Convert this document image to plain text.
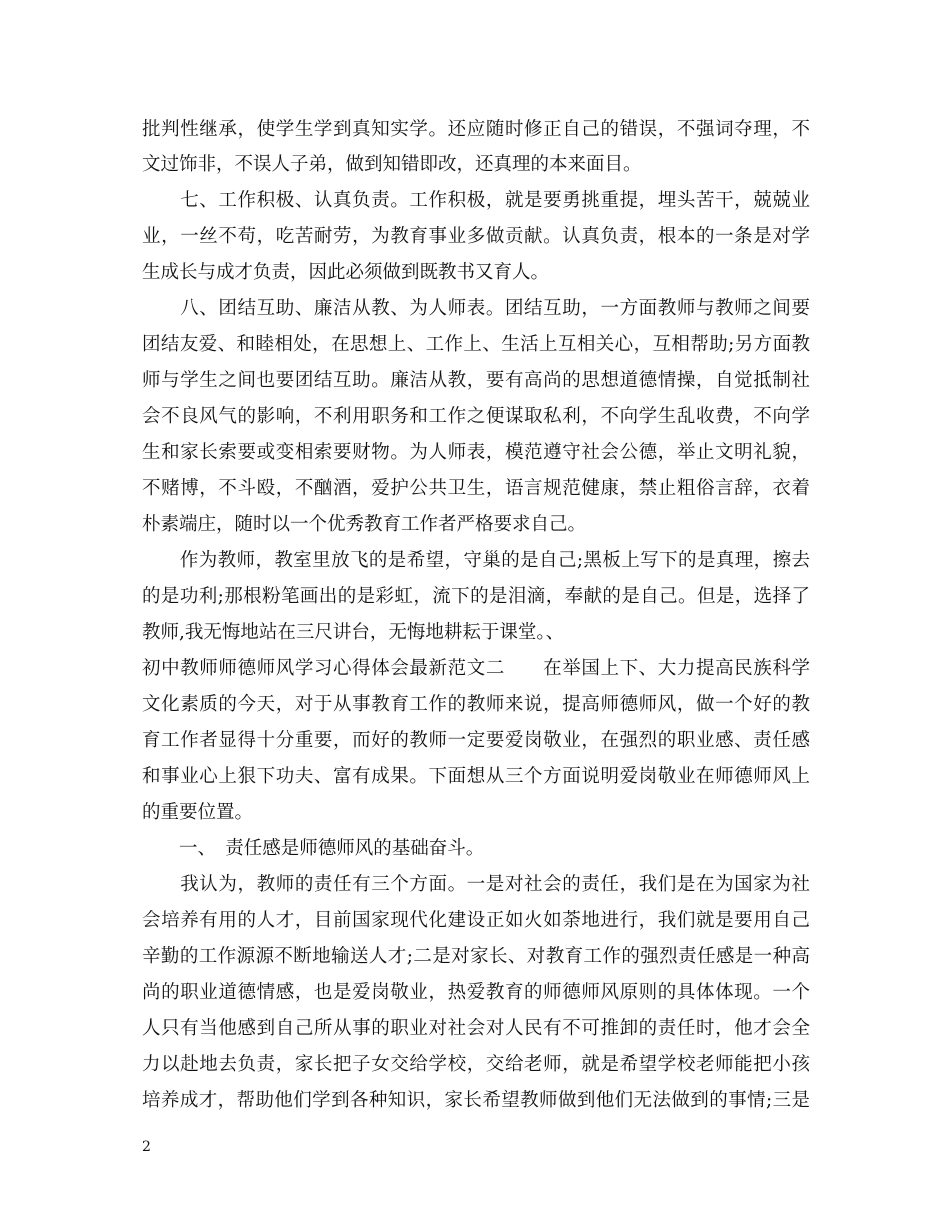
批判性继承，使学生学到真知实学。还应随时修正自己的错误，不强词夺理，不
文过饰非，不误人子弟，做到知错即改，还真理的本来面目。
　　七、工作积极、认真负责。工作积极，就是要勇挑重提，埋头苦干，兢兢业
业，一丝不苟，吃苦耐劳，为教育事业多做贡献。认真负责，根本的一条是对学
生成长与成才负责，因此必须做到既教书又育人。
　　八、团结互助、廉洁从教、为人师表。团结互助，一方面教师与教师之间要
团结友爱、和睦相处，在思想上、工作上、生活上互相关心，互相帮助;另方面教
师与学生之间也要团结互助。廉洁从教，要有高尚的思想道德情操，自觉抵制社
会不良风气的影响，不利用职务和工作之便谋取私利，不向学生乱收费，不向学
生和家长索要或变相索要财物。为人师表，模范遵守社会公德，举止文明礼貌，
不赌博，不斗殴，不酗酒，爱护公共卫生，语言规范健康，禁止粗俗言辞，衣着
朴素端庄，随时以一个优秀教育工作者严格要求自己。
　　作为教师，教室里放飞的是希望，守巢的是自己;黑板上写下的是真理，擦去
的是功利;那根粉笔画出的是彩虹，流下的是泪滴，奉献的是自己。但是，选择了
教师,我无悔地站在三尺讲台，无悔地耕耘于课堂。、
初中教师师德师风学习心得体会最新范文二　　在举国上下、大力提高民族科学
文化素质的今天，对于从事教育工作的教师来说，提高师德师风，做一个好的教
育工作者显得十分重要，而好的教师一定要爱岗敬业，在强烈的职业感、责任感
和事业心上狠下功夫、富有成果。下面想从三个方面说明爱岗敬业在师德师风上
的重要位置。
　　一、　责任感是师德师风的基础奋斗。
　　我认为，教师的责任有三个方面。一是对社会的责任，我们是在为国家为社
会培养有用的人才，目前国家现代化建设正如火如荼地进行，我们就是要用自己
辛勤的工作源源不断地输送人才;二是对家长、对教育工作的强烈责任感是一种高
尚的职业道德情感，也是爱岗敬业，热爱教育的师德师风原则的具体体现。一个
人只有当他感到自己所从事的职业对社会对人民有不可推卸的责任时，他才会全
力以赴地去负责，家长把子女交给学校，交给老师，就是希望学校老师能把小孩
培养成才，帮助他们学到各种知识，家长希望教师做到他们无法做到的事情;三是
2
